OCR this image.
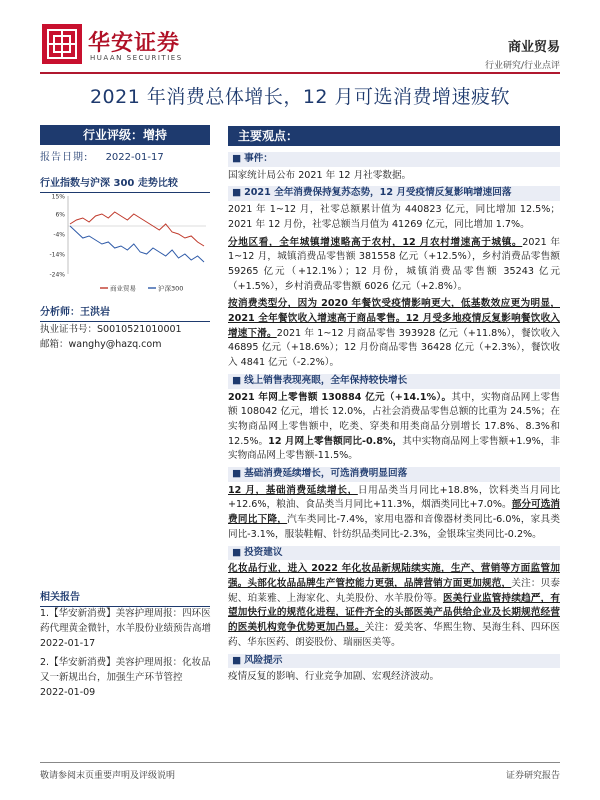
华安证券
HUAAN SECURITIES
商业贸易
行业研究/行业点评
2021 年消费总体增长，12 月可选消费增速疲软
行业评级：增持
报告日期: 2022-01-17
行业指数与沪深 300 走势比较
15%
6%
-4%
-14%
-24%
商业贸易	沪深300
分析师：王洪岩
执业证书号：S0010521010001
邮箱：wanghy@hazq.com
相关报告
1.【华安新消费】美容护理周报：四环医药代理黄金微针，水羊股份业绩预告高增 2022-01-17
2.【华安新消费】美容护理周报：化妆品又一新规出台，加强生产环节管控 2022-01-09
主要观点：
■ 事件：
国家统计局公布 2021 年 12 月社零数据。
■ 2021 全年消费保持复苏态势，12 月受疫情反复影响增速回落
2021 年 1~12 月，社零总额累计值为 440823 亿元，同比增加 12.5%；2021 年 12 月份，社零总额当月值为 41269 亿元，同比增加 1.7%。
分地区看，全年城镇增速略高于农村，12 月农村增速高于城镇。2021 年 1~12 月，城镇消费品零售额 381558 亿元（+12.5%），乡村消费品零售额 59265 亿元（+12.1%）；12 月份，城镇消费品零售额 35243 亿元（+1.5%），乡村消费品零售额 6026 亿元（+2.8%）。
按消费类型分，因为 2020 年餐饮受疫情影响更大，低基数效应更为明显，2021 全年餐饮收入增速高于商品零售。12 月受多地疫情反复影响餐饮收入增速下滑。2021 年 1~12 月商品零售 393928 亿元（+11.8%），餐饮收入 46895 亿元（+18.6%）；12 月份商品零售 36428 亿元（+2.3%），餐饮收入 4841 亿元（-2.2%）。
■ 线上销售表现亮眼，全年保持较快增长
2021 年网上零售额 130884 亿元（+14.1%）。其中，实物商品网上零售额 108042 亿元，增长 12.0%，占社会消费品零售总额的比重为 24.5%；在实物商品网上零售额中，吃类、穿类和用类商品分别增长 17.8%、8.3%和 12.5%。12 月网上零售额同比-0.8%，其中实物商品网上零售额+1.9%，非实物商品网上零售额-11.5%。
■ 基础消费延续增长，可选消费明显回落
12 月，基础消费延续增长，日用品类当月同比+18.8%，饮料类当月同比+12.6%，粮油、食品类当月同比+11.3%，烟酒类同比+7.0%。部分可选消费同比下降，汽车类同比-7.4%，家用电器和音像器材类同比-6.0%，家具类同比-3.1%，服装鞋帽、针纺织品类同比-2.3%，金银珠宝类同比-0.2%。
■ 投资建议
化妆品行业，进入 2022 年化妆品新规陆续实施，生产、营销等方面监管加强。头部化妆品品牌生产管控能力更强，品牌营销方面更加规范，关注：贝泰妮、珀莱雅、上海家化、丸美股份、水羊股份等。医美行业监管持续趋严，有望加快行业的规范化进程，证件齐全的头部医美产品供给企业及长期规范经营的医美机构竞争优势更加凸显。关注：爱美客、华熙生物、昊海生科、四环医药、华东医药、朗姿股份、瑞丽医美等。
■ 风险提示
疫情反复的影响、行业竞争加剧、宏观经济波动。
敬请参阅末页重要声明及评级说明	证券研究报告
